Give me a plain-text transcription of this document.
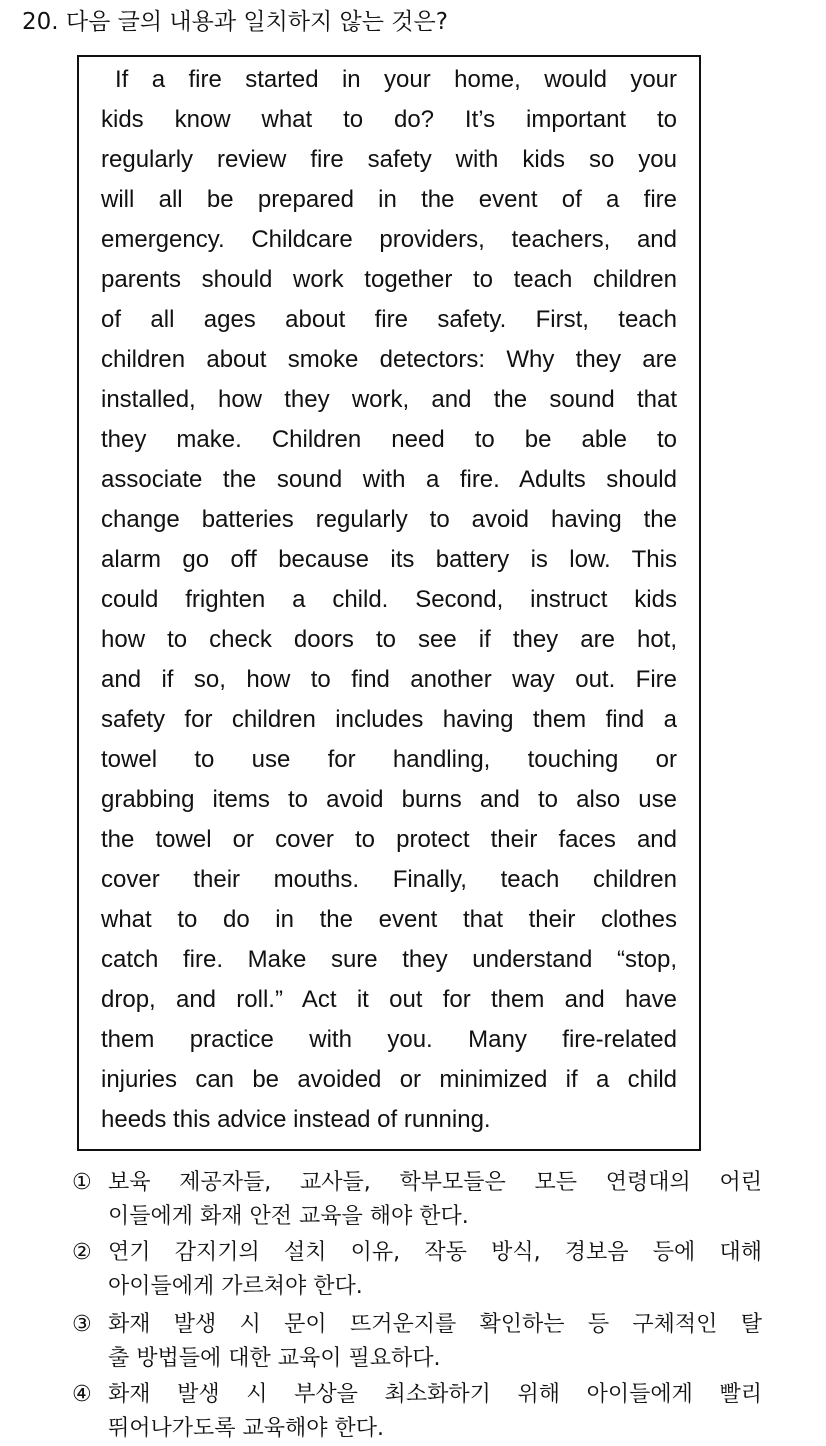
20. 다음 글의 내용과 일치하지 않는 것은?
If a fire started in your home, would your
kids know what to do? It’s important to
regularly review fire safety with kids so you
will all be prepared in the event of a fire
emergency. Childcare providers, teachers, and
parents should work together to teach children
of all ages about fire safety. First, teach
children about smoke detectors: Why they are
installed, how they work, and the sound that
they make. Children need to be able to
associate the sound with a fire. Adults should
change batteries regularly to avoid having the
alarm go off because its battery is low. This
could frighten a child. Second, instruct kids
how to check doors to see if they are hot,
and if so, how to find another way out. Fire
safety for children includes having them find a
towel to use for handling, touching or
grabbing items to avoid burns and to also use
the towel or cover to protect their faces and
cover their mouths. Finally, teach children
what to do in the event that their clothes
catch fire. Make sure they understand “stop,
drop, and roll.” Act it out for them and have
them practice with you. Many fire-related
injuries can be avoided or minimized if a child
heeds this advice instead of running.
① 보육 제공자들, 교사들, 학부모들은 모든 연령대의 어린
이들에게 화재 안전 교육을 해야 한다.
② 연기 감지기의 설치 이유, 작동 방식, 경보음 등에 대해
아이들에게 가르쳐야 한다.
③ 화재 발생 시 문이 뜨거운지를 확인하는 등 구체적인 탈
출 방법들에 대한 교육이 필요하다.
④ 화재 발생 시 부상을 최소화하기 위해 아이들에게 빨리
뛰어나가도록 교육해야 한다.
